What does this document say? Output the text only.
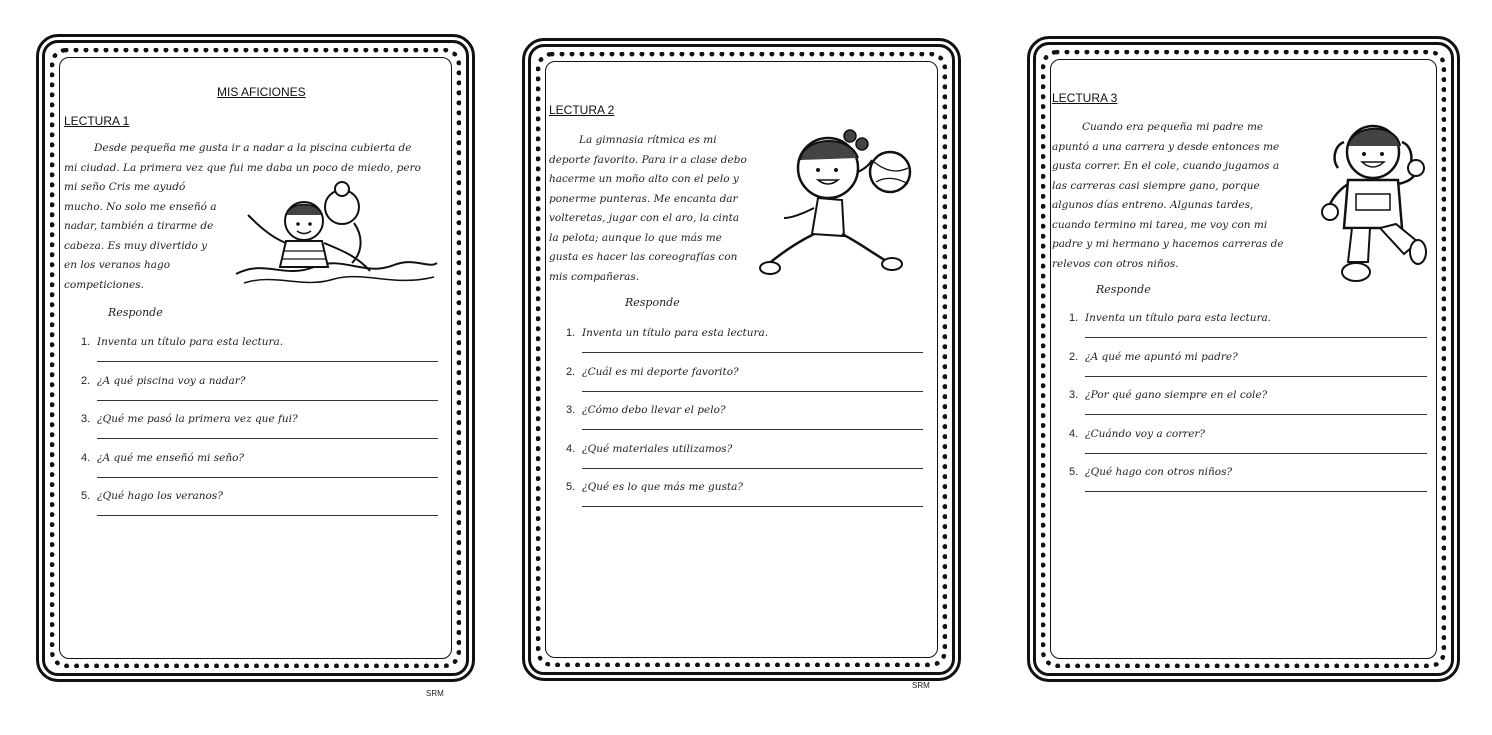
MIS AFICIONES
LECTURA 1
Desde pequeña me gusta ir a nadar a la piscina cubierta de
mi ciudad. La primera vez que fui me daba un poco de miedo, pero
mi seño Cris me ayudó
mucho. No solo me enseñó a
nadar, también a tirarme de
cabeza. Es muy divertido y
en los veranos hago
competiciones.
Responde
1. Inventa un título para esta lectura.
2. ¿A qué piscina voy a nadar?
3. ¿Qué me pasó la primera vez que fui?
4. ¿A qué me enseñó mi seño?
5. ¿Qué hago los veranos?
SRM
LECTURA 2
La gimnasia rítmica es mi
deporte favorito. Para ir a clase debo
hacerme un moño alto con el pelo y
ponerme punteras. Me encanta dar
volteretas, jugar con el aro, la cinta
la pelota; aunque lo que más me
gusta es hacer las coreografías con
mis compañeras.
Responde
1. Inventa un título para esta lectura.
2. ¿Cuál es mi deporte favorito?
3. ¿Cómo debo llevar el pelo?
4. ¿Qué materiales utilizamos?
5. ¿Qué es lo que más me gusta?
SRM
LECTURA 3
Cuando era pequeña mi padre me
apuntó a una carrera y desde entonces me
gusta correr. En el cole, cuando jugamos a
las carreras casi siempre gano, porque
algunos días entreno. Algunas tardes,
cuando termino mi tarea, me voy con mi
padre y mi hermano y hacemos carreras de
relevos con otros niños.
Responde
1. Inventa un título para esta lectura.
2. ¿A qué me apuntó mi padre?
3. ¿Por qué gano siempre en el cole?
4. ¿Cuándo voy a correr?
5. ¿Qué hago con otros niños?
